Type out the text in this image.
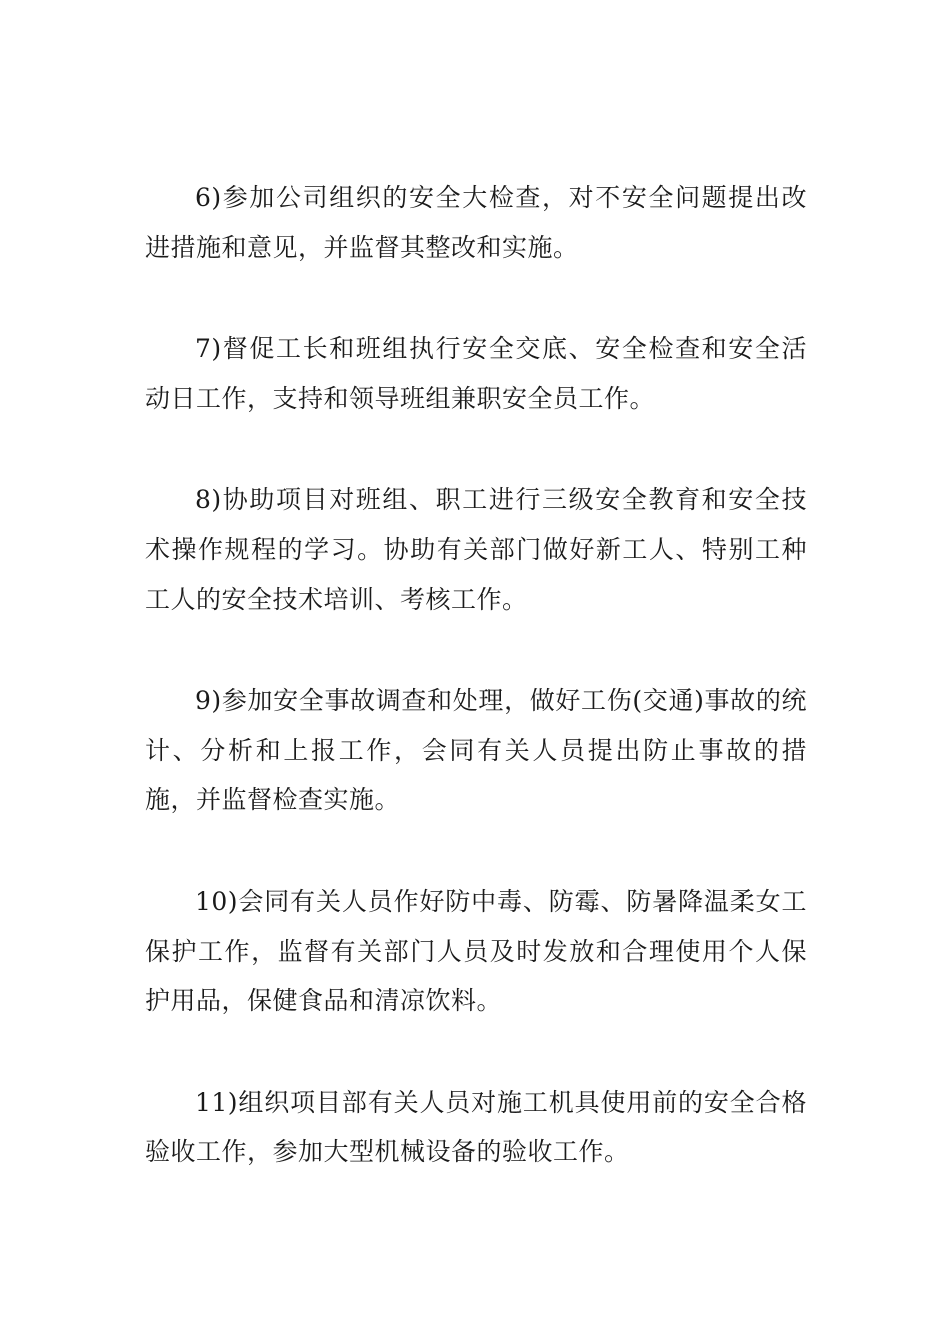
6)参加公司组织的安全大检查，对不安全问题提出改进措施和意见，并监督其整改和实施。

7)督促工长和班组执行安全交底、安全检查和安全活动日工作，支持和领导班组兼职安全员工作。

8)协助项目对班组、职工进行三级安全教育和安全技术操作规程的学习。协助有关部门做好新工人、特别工种工人的安全技术培训、考核工作。

9)参加安全事故调查和处理，做好工伤(交通)事故的统计、分析和上报工作，会同有关人员提出防止事故的措施，并监督检查实施。

10)会同有关人员作好防中毒、防霉、防暑降温柔女工保护工作，监督有关部门人员及时发放和合理使用个人保护用品，保健食品和清凉饮料。

11)组织项目部有关人员对施工机具使用前的安全合格验收工作，参加大型机械设备的验收工作。
